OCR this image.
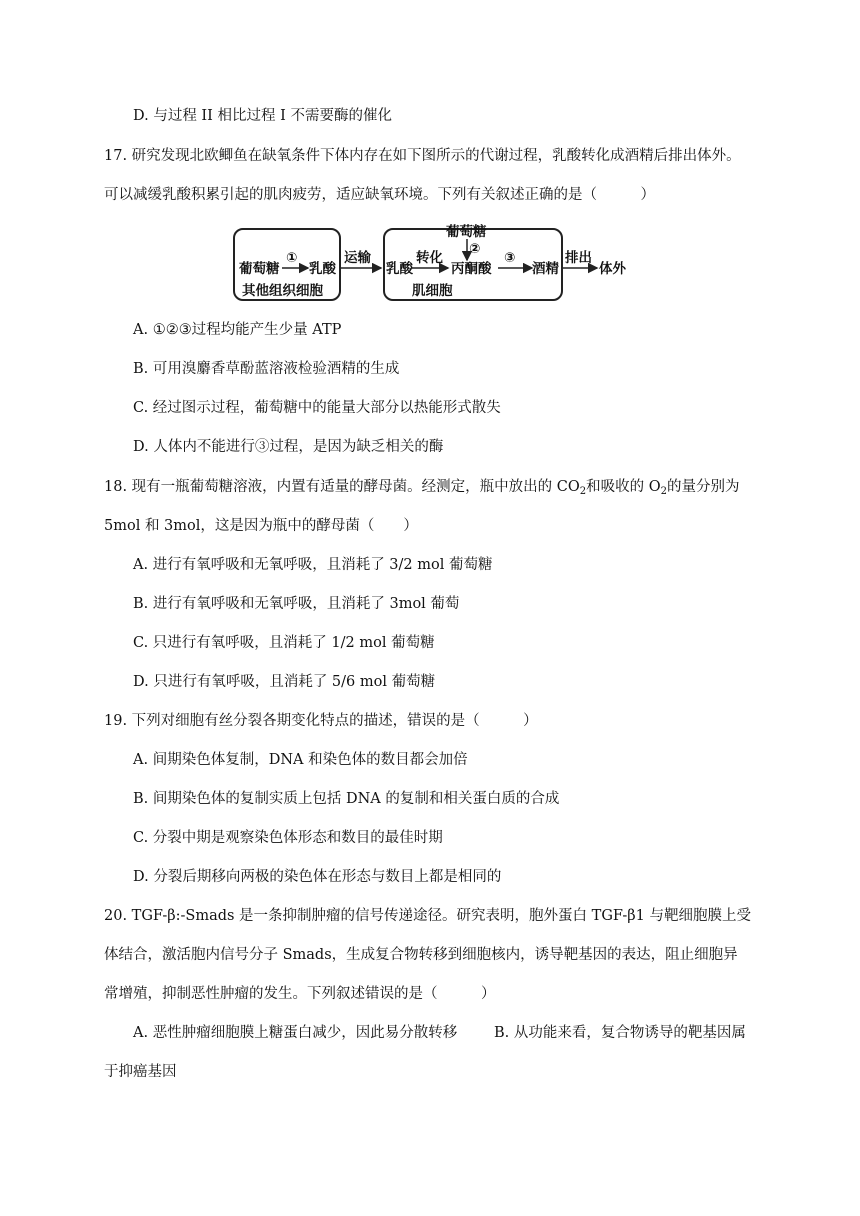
D. 与过程 II 相比过程 I 不需要酶的催化
17. 研究发现北欧鲫鱼在缺氧条件下体内存在如下图所示的代谢过程，乳酸转化成酒精后排出体外。
可以减缓乳酸积累引起的肌肉疲劳，适应缺氧环境。下列有关叙述正确的是（　　　）
葡萄糖
①
乳酸
其他组织细胞
运输
葡萄糖
②
乳酸
转化
丙酮酸
③
酒精
肌细胞
排出
体外
A. ①②③过程均能产生少量 ATP
B. 可用溴麝香草酚蓝溶液检验酒精的生成
C. 经过图示过程，葡萄糖中的能量大部分以热能形式散失
D. 人体内不能进行③过程，是因为缺乏相关的酶
18. 现有一瓶葡萄糖溶液，内置有适量的酵母菌。经测定，瓶中放出的 $CO_2$和吸收的 $O_2$的量分别为
5mol 和 3mol，这是因为瓶中的酵母菌（　　）
A. 进行有氧呼吸和无氧呼吸，且消耗了 3/2 mol 葡萄糖
B. 进行有氧呼吸和无氧呼吸，且消耗了 3mol 葡萄
C. 只进行有氧呼吸，且消耗了 1/2 mol 葡萄糖
D. 只进行有氧呼吸，且消耗了 5/6 mol 葡萄糖
19. 下列对细胞有丝分裂各期变化特点的描述，错误的是（　　　）
A. 间期染色体复制，DNA 和染色体的数目都会加倍
B. 间期染色体的复制实质上包括 DNA 的复制和相关蛋白质的合成
C. 分裂中期是观察染色体形态和数目的最佳时期
D. 分裂后期移向两极的染色体在形态与数目上都是相同的
20. TGF-β:-Smads 是一条抑制肿瘤的信号传递途径。研究表明，胞外蛋白 TGF-β1 与靶细胞膜上受
体结合，激活胞内信号分子 Smads，生成复合物转移到细胞核内，诱导靶基因的表达，阻止细胞异
常增殖，抑制恶性肿瘤的发生。下列叙述错误的是（　　　）
A. 恶性肿瘤细胞膜上糖蛋白减少，因此易分散转移	B. 从功能来看，复合物诱导的靶基因属
于抑癌基因
